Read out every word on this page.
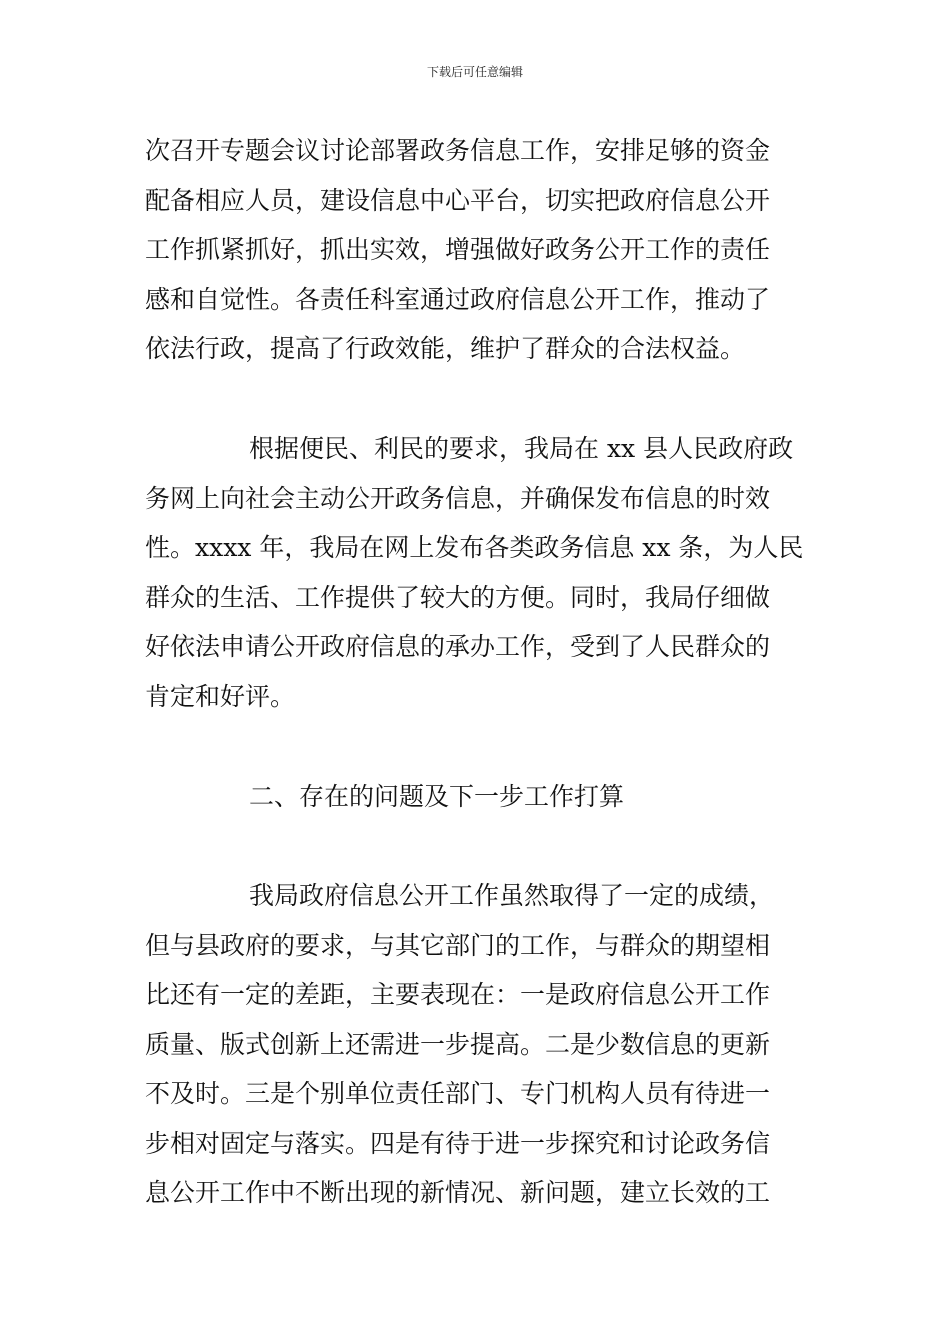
下载后可任意编辑
次召开专题会议讨论部署政务信息工作，安排足够的资金
配备相应人员，建设信息中心平台，切实把政府信息公开
工作抓紧抓好，抓出实效，增强做好政务公开工作的责任
感和自觉性。各责任科室通过政府信息公开工作，推动了
依法行政，提高了行政效能，维护了群众的合法权益。
根据便民、利民的要求，我局在 xx 县人民政府政
务网上向社会主动公开政务信息，并确保发布信息的时效
性。xxxx 年，我局在网上发布各类政务信息 xx 条，为人民
群众的生活、工作提供了较大的方便。同时，我局仔细做
好依法申请公开政府信息的承办工作，受到了人民群众的
肯定和好评。
二、存在的问题及下一步工作打算
我局政府信息公开工作虽然取得了一定的成绩，
但与县政府的要求，与其它部门的工作，与群众的期望相
比还有一定的差距，主要表现在：一是政府信息公开工作
质量、版式创新上还需进一步提高。二是少数信息的更新
不及时。三是个别单位责任部门、专门机构人员有待进一
步相对固定与落实。四是有待于进一步探究和讨论政务信
息公开工作中不断出现的新情况、新问题，建立长效的工
